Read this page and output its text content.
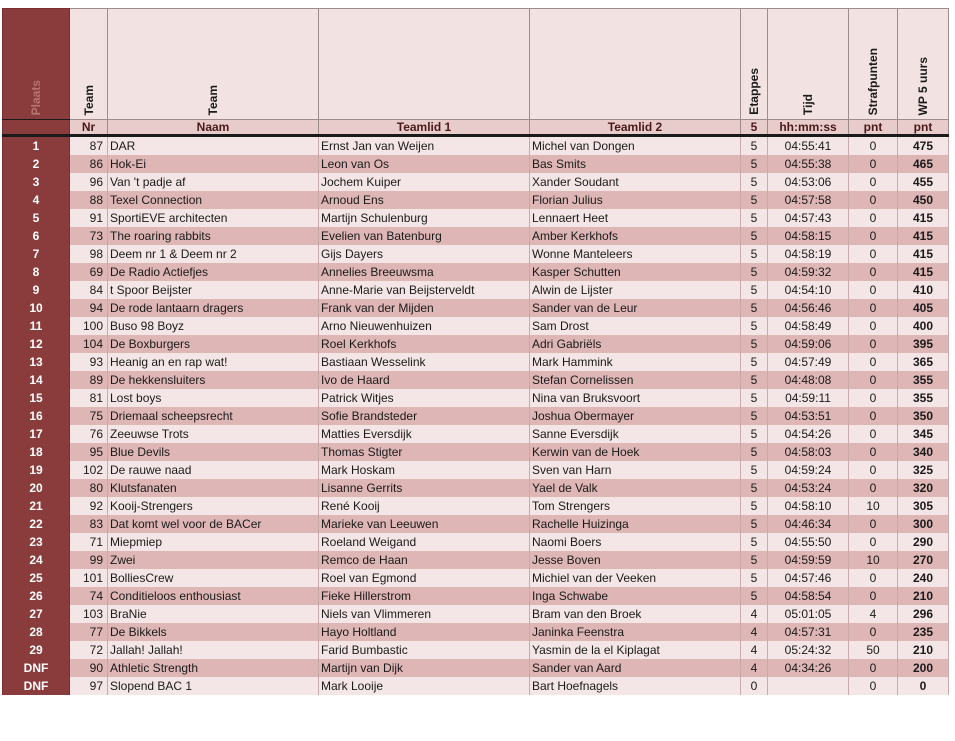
Plaats	Team	Team			Etappes	Tijd	Strafpunten	WP 5 uurs

	Nr	Naam	Teamlid 1	Teamlid 2	5	hh:mm:ss	pnt	pnt
1	87	DAR	Ernst Jan van Weijen	Michel van Dongen	5	04:55:41	0	475
2	86	Hok-Ei	Leon van Os	Bas Smits	5	04:55:38	0	465
3	96	Van 't padje af	Jochem Kuiper	Xander Soudant	5	04:53:06	0	455
4	88	Texel Connection	Arnoud Ens	Florian Julius	5	04:57:58	0	450
5	91	SportiEVE architecten	Martijn Schulenburg	Lennaert Heet	5	04:57:43	0	415
6	73	The roaring rabbits	Evelien van Batenburg	Amber Kerkhofs	5	04:58:15	0	415
7	98	Deem nr 1 & Deem nr 2	Gijs Dayers	Wonne Manteleers	5	04:58:19	0	415
8	69	De Radio Actiefjes	Annelies Breeuwsma	Kasper Schutten	5	04:59:32	0	415
9	84	t Spoor Beijster	Anne-Marie van Beijsterveldt	Alwin de Lijster	5	04:54:10	0	410
10	94	De rode lantaarn dragers	Frank van der Mijden	Sander van de Leur	5	04:56:46	0	405
11	100	Buso 98 Boyz	Arno Nieuwenhuizen	Sam Drost	5	04:58:49	0	400
12	104	De Boxburgers	Roel Kerkhofs	Adri Gabriëls	5	04:59:06	0	395
13	93	Heanig an en rap wat!	Bastiaan Wesselink	Mark Hammink	5	04:57:49	0	365
14	89	De hekkensluiters	Ivo de Haard	Stefan Cornelissen	5	04:48:08	0	355
15	81	Lost boys	Patrick Witjes	Nina van Bruksvoort	5	04:59:11	0	355
16	75	Driemaal scheepsrecht	Sofie Brandsteder	Joshua Obermayer	5	04:53:51	0	350
17	76	Zeeuwse Trots	Matties Eversdijk	Sanne Eversdijk	5	04:54:26	0	345
18	95	Blue Devils	Thomas Stigter	Kerwin van de Hoek	5	04:58:03	0	340
19	102	De rauwe naad	Mark Hoskam	Sven van Harn	5	04:59:24	0	325
20	80	Klutsfanaten	Lisanne Gerrits	Yael de Valk	5	04:53:24	0	320
21	92	Kooij-Strengers	René Kooij	Tom Strengers	5	04:58:10	10	305
22	83	Dat komt wel voor de BACer	Marieke van Leeuwen	Rachelle Huizinga	5	04:46:34	0	300
23	71	Miepmiep	Roeland Weigand	Naomi Boers	5	04:55:50	0	290
24	99	Zwei	Remco de Haan	Jesse Boven	5	04:59:59	10	270
25	101	BolliesCrew	Roel van Egmond	Michiel van der Veeken	5	04:57:46	0	240
26	74	Conditieloos enthousiast	Fieke Hillerstrom	Inga Schwabe	5	04:58:54	0	210
27	103	BraNie	Niels van Vlimmeren	Bram van den Broek	4	05:01:05	4	296
28	77	De Bikkels	Hayo Holtland	Janinka Feenstra	4	04:57:31	0	235
29	72	Jallah! Jallah!	Farid Bumbastic	Yasmin de la el Kiplagat	4	05:24:32	50	210
DNF	90	Athletic Strength	Martijn van Dijk	Sander van Aard	4	04:34:26	0	200
DNF	97	Slopend BAC 1	Mark Looije	Bart Hoefnagels	0		0	0
